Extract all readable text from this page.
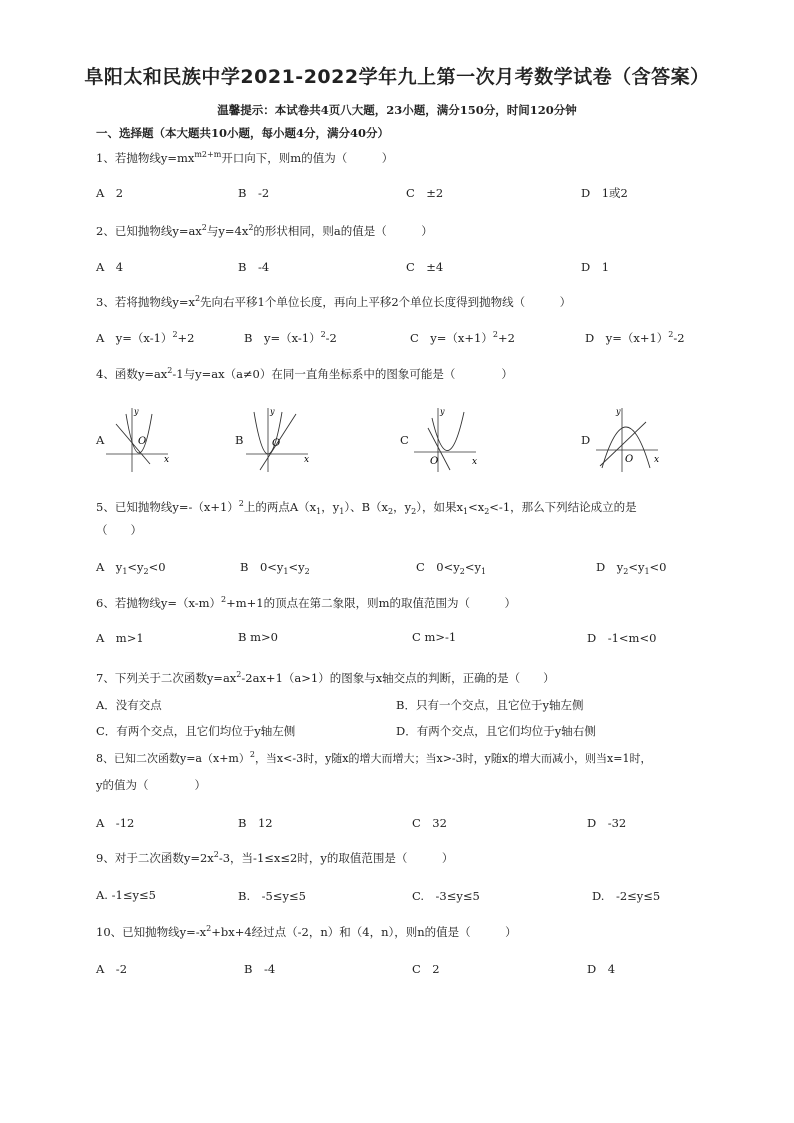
阜阳太和民族中学2021-2022学年九上第一次月考数学试卷（含答案）
温馨提示：本试卷共4页八大题，23小题，满分150分，时间120分钟
一、选择题（本大题共10小题，每小题4分，满分40分）
1、若抛物线$y=mx^{m2+m}$开口向下，则m的值为（　　　）
A　2	B　-2	C　±2	D　1或2
2、已知抛物线$y=ax^2$与$y=4x^2$的形状相同，则a的值是（　　　）
A　4	B　-4	C　±4	D　1
3、若将抛物线$y=x^2$先向右平移1个单位长度，再向上平移2个单位长度得到抛物线（　　　）
A　$y=(x-1)^2+2$	B　$y=(x-1)^2-2$	C　$y=(x+1)^2+2$	D　$y=(x+1)^2-2$
4、函数$y=ax^2-1$与y=ax（a≠0）在同一直角坐标系中的图象可能是（　　　　）
A
y
x
O	B
y
x
O	C
y
x
O
D
y
x
O
5、已知抛物线$y=-(x+1)^2$上的两点$A(x_1$，$y_1$）、$B(x_2$，$y_2$），如果$x_1<x_2<-1$，那么下列结论成立的是
（　　）
A　$y_1<y_2<0$	B　$0<y_1<y_2$	C　$0<y_2<y_1$	D　$y_2<y_1<0$
6、若抛物线$y=(x-m)^2+m+1$的顶点在第二象限，则m的取值范围为（　　　）
A　m>1	B m>0	C m>-1	D　-1<m<0
7、下列关于二次函数$y=ax^2-2ax+1(a>1)$的图象与x轴交点的判断，正确的是（　　）
A．没有交点	B．只有一个交点，且它位于y轴左侧
C．有两个交点，且它们均位于y轴左侧	D．有两个交点，且它们均位于y轴右侧
8、已知二次函数$y=a(x+m)^2$，当x<-3时，y随x的增大而增大；当x>-3时，y随x的增大而减小，则当x=1时，
y的值为（　　　　）
A　-12	B　12	C　32	D　-32
9、对于二次函数$y=2x^2-3$，当-1≤x≤2时，y的取值范围是（　　　）
A. -1≤y≤5	B.　-5≤y≤5	C.　-3≤y≤5	D.　-2≤y≤5
10、已知抛物线$y=-x^2+bx+4$经过点（-2，n）和（4，n），则n的值是（　　　）
A　-2	B　-4	C　2	D　4
